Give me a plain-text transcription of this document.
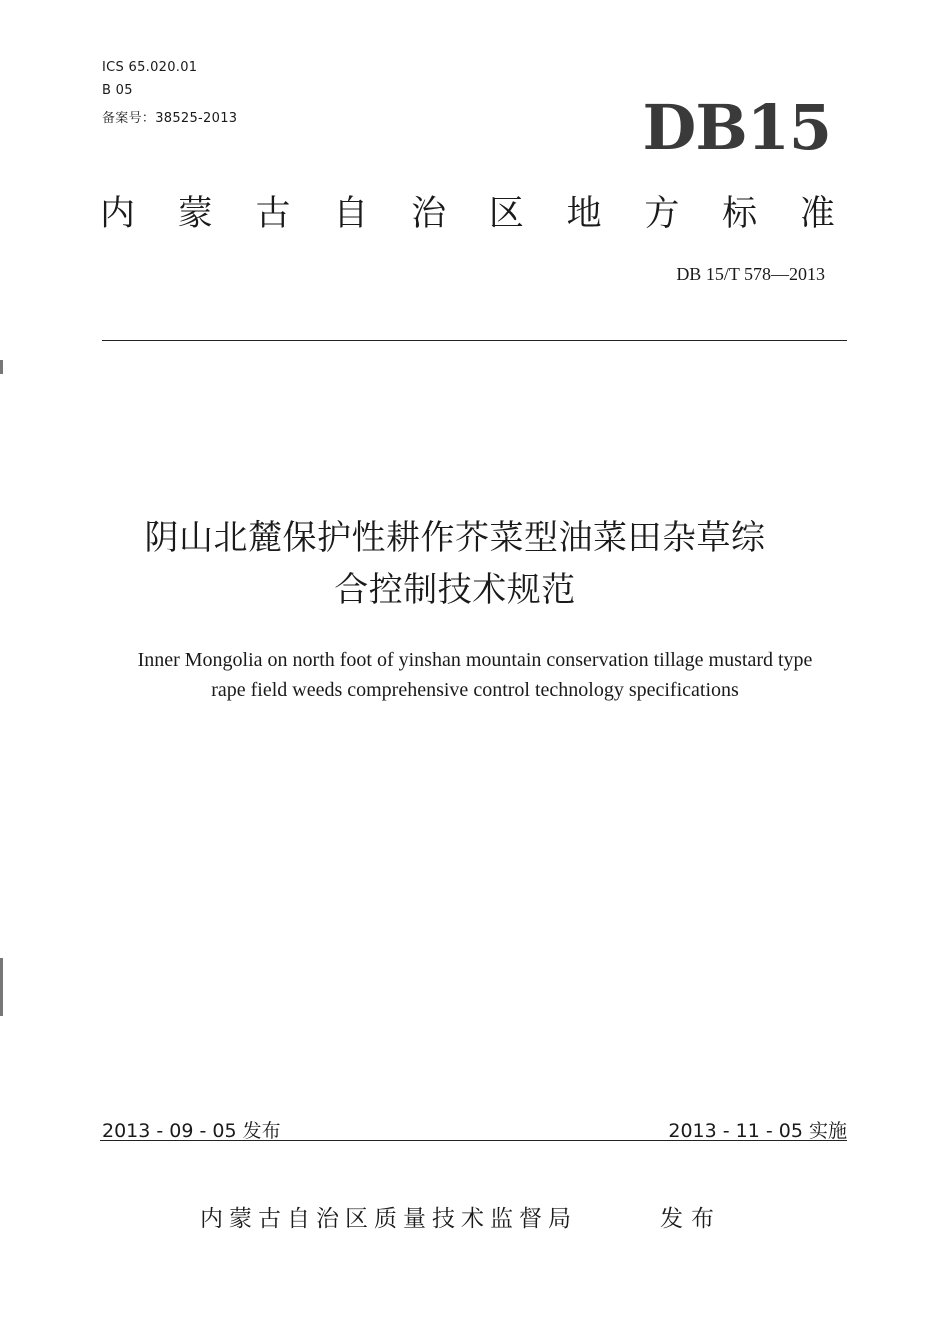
ICS 65.020.01
B 05
备案号：38525-2013	DB15
内 蒙 古 自 治 区 地 方 标 准
DB 15/T 578—2013
阴山北麓保护性耕作芥菜型油菜田杂草综
合控制技术规范
Inner Mongolia on north foot of yinshan mountain conservation tillage mustard type
rape field weeds comprehensive control technology specifications
2013 - 09 - 05 发布	2013 - 11 - 05 实施
内蒙古自治区质量技术监督局	发布
